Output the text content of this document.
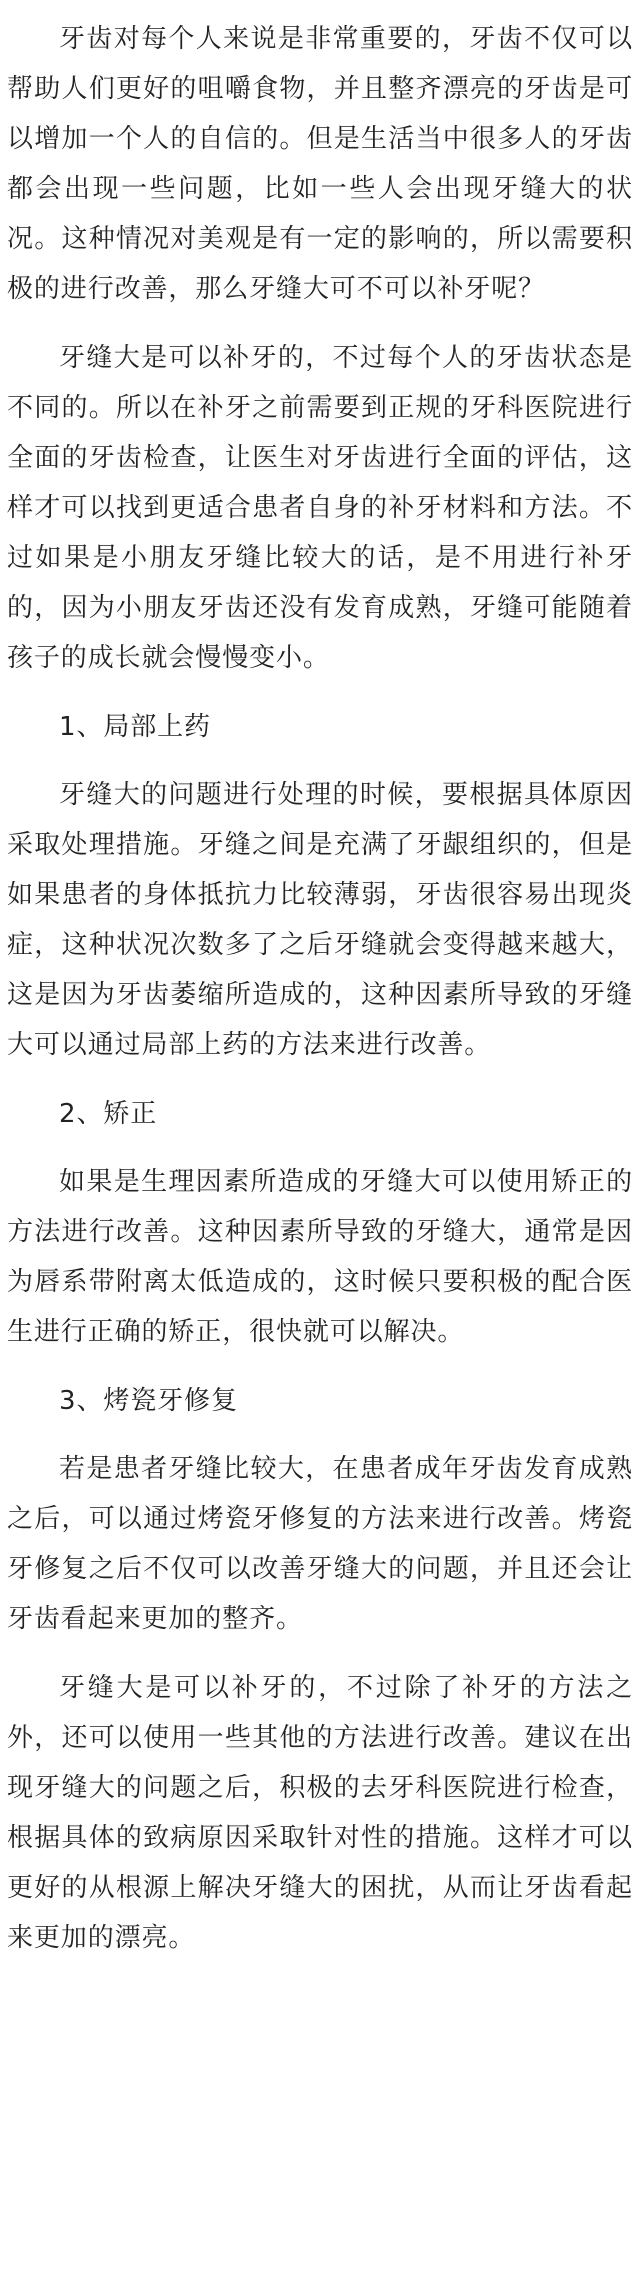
牙齿对每个人来说是非常重要的，牙齿不仅可以帮助人们更好的咀嚼食物，并且整齐漂亮的牙齿是可以增加一个人的自信的。但是生活当中很多人的牙齿都会出现一些问题，比如一些人会出现牙缝大的状况。这种情况对美观是有一定的影响的，所以需要积极的进行改善，那么牙缝大可不可以补牙呢？

牙缝大是可以补牙的，不过每个人的牙齿状态是不同的。所以在补牙之前需要到正规的牙科医院进行全面的牙齿检查，让医生对牙齿进行全面的评估，这样才可以找到更适合患者自身的补牙材料和方法。不过如果是小朋友牙缝比较大的话，是不用进行补牙的，因为小朋友牙齿还没有发育成熟，牙缝可能随着孩子的成长就会慢慢变小。

1、局部上药

牙缝大的问题进行处理的时候，要根据具体原因采取处理措施。牙缝之间是充满了牙龈组织的，但是如果患者的身体抵抗力比较薄弱，牙齿很容易出现炎症，这种状况次数多了之后牙缝就会变得越来越大，这是因为牙齿萎缩所造成的，这种因素所导致的牙缝大可以通过局部上药的方法来进行改善。

2、矫正

如果是生理因素所造成的牙缝大可以使用矫正的方法进行改善。这种因素所导致的牙缝大，通常是因为唇系带附离太低造成的，这时候只要积极的配合医生进行正确的矫正，很快就可以解决。

3、烤瓷牙修复

若是患者牙缝比较大，在患者成年牙齿发育成熟之后，可以通过烤瓷牙修复的方法来进行改善。烤瓷牙修复之后不仅可以改善牙缝大的问题，并且还会让牙齿看起来更加的整齐。

牙缝大是可以补牙的，不过除了补牙的方法之外，还可以使用一些其他的方法进行改善。建议在出现牙缝大的问题之后，积极的去牙科医院进行检查，根据具体的致病原因采取针对性的措施。这样才可以更好的从根源上解决牙缝大的困扰，从而让牙齿看起来更加的漂亮。
